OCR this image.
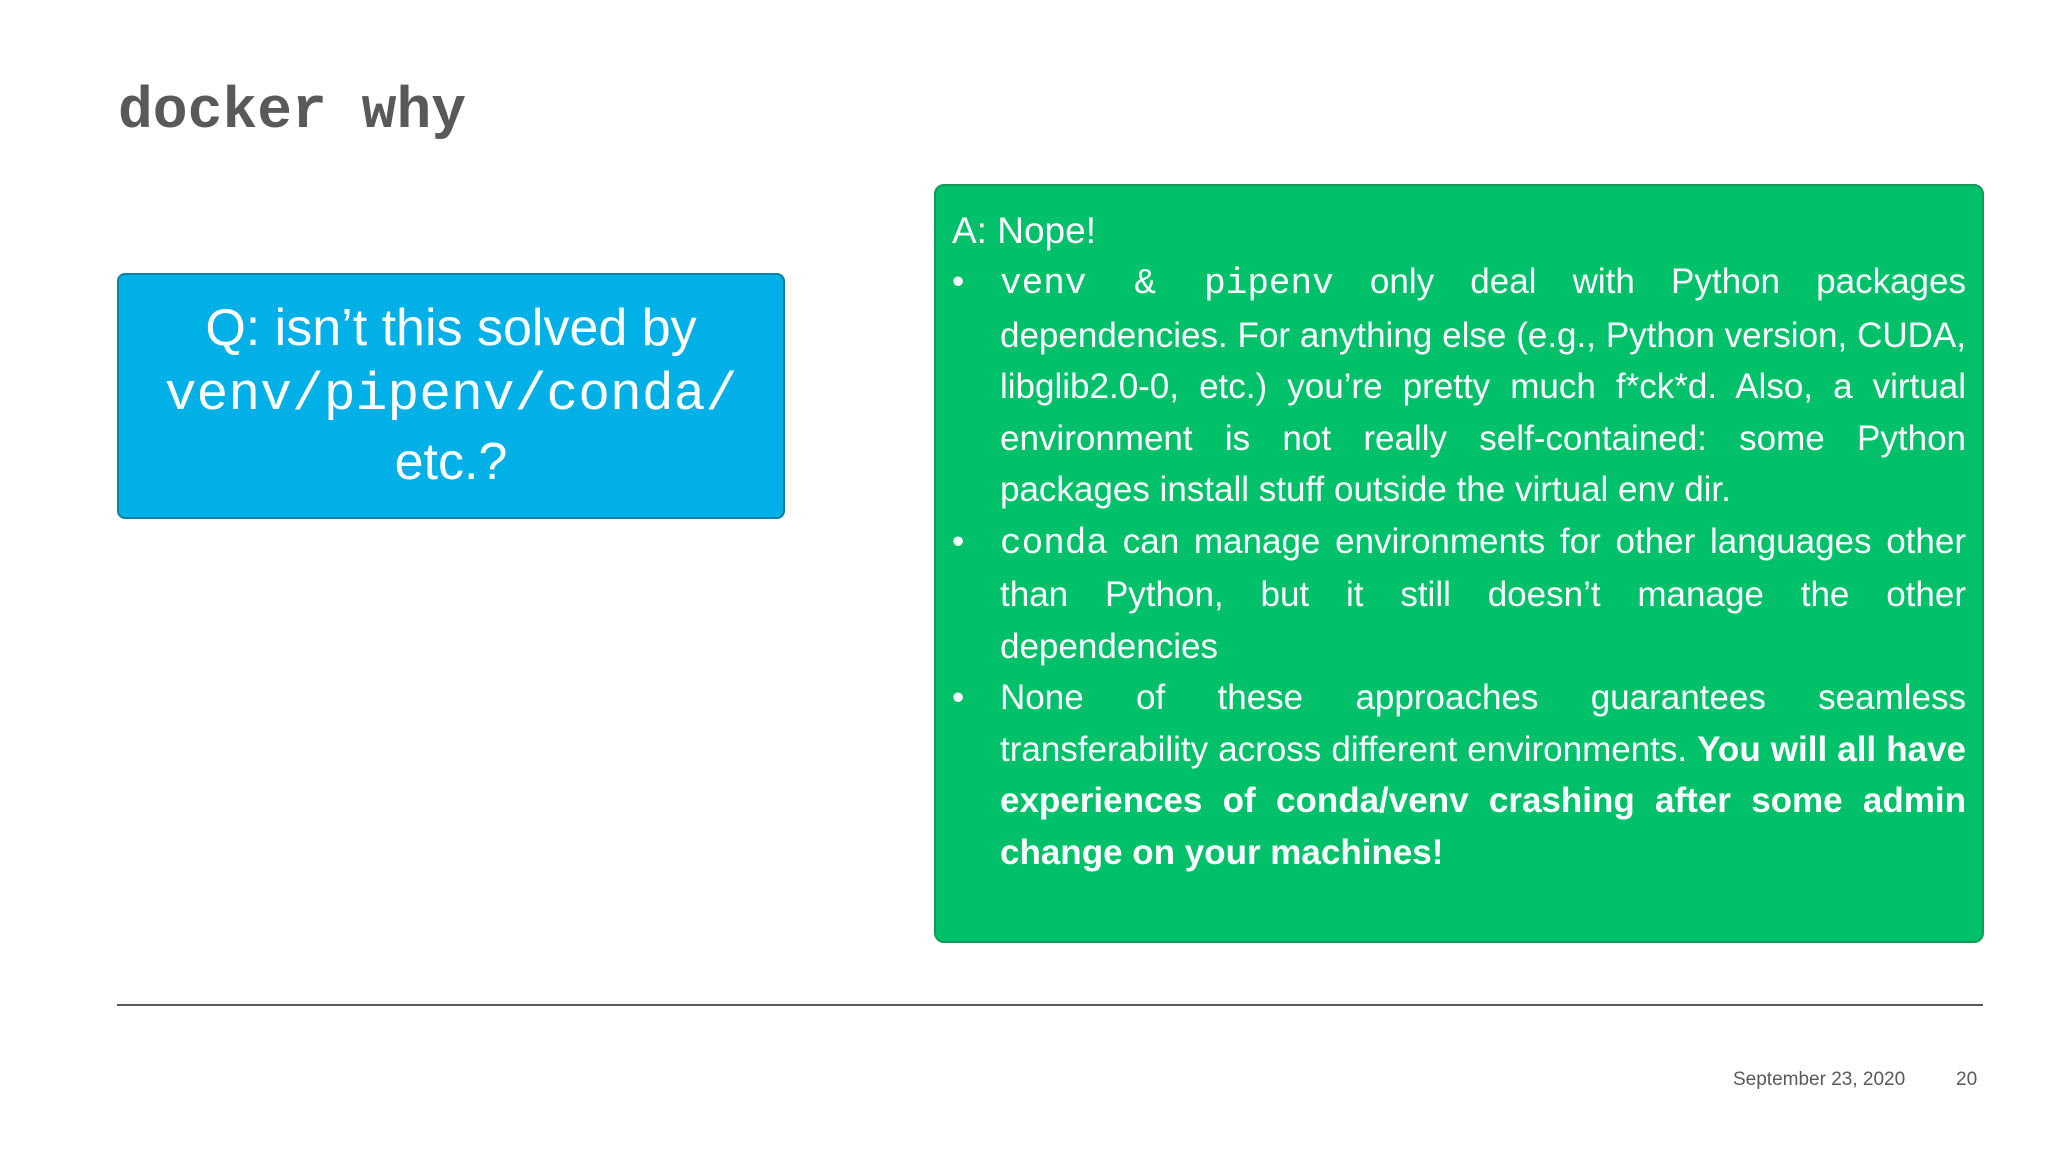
docker why
Q: isn’t this solved by
venv/pipenv/conda/
etc.?
A: Nope!
• venv & pipenv only deal with Python packages dependencies. For anything else (e.g., Python version, CUDA, libglib2.0-0, etc.) you’re pretty much f*ck*d. Also, a virtual environment is not really self-contained: some Python packages install stuff outside the virtual env dir.
• conda can manage environments for other languages other than Python, but it still doesn’t manage the other dependencies
•	None of these approaches guarantees seamless transferability across different environments. You will all have experiences of conda/venv crashing after some admin change on your machines!
September 23, 2020	20
